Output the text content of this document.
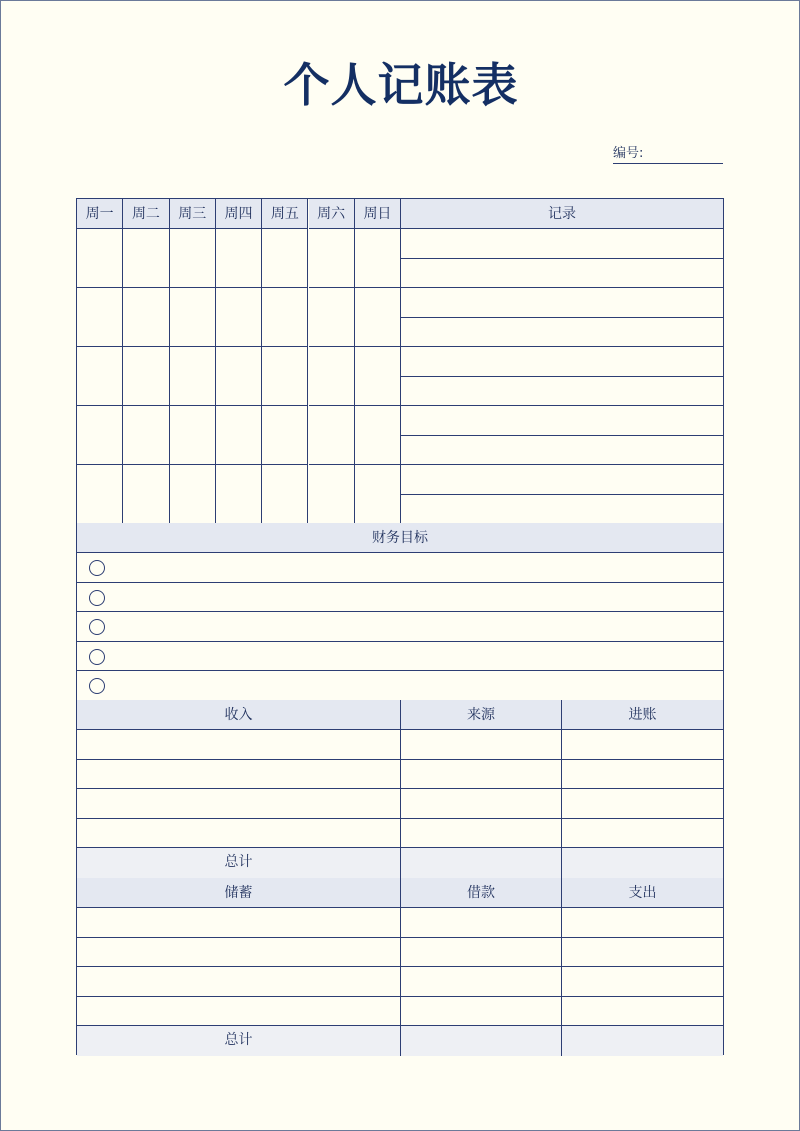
个人记账表
编号:
周一	周二	周三	周四	周五	周六	周日	记录
财务目标
收入	来源	进账
总计
储蓄	借款	支出
总计
